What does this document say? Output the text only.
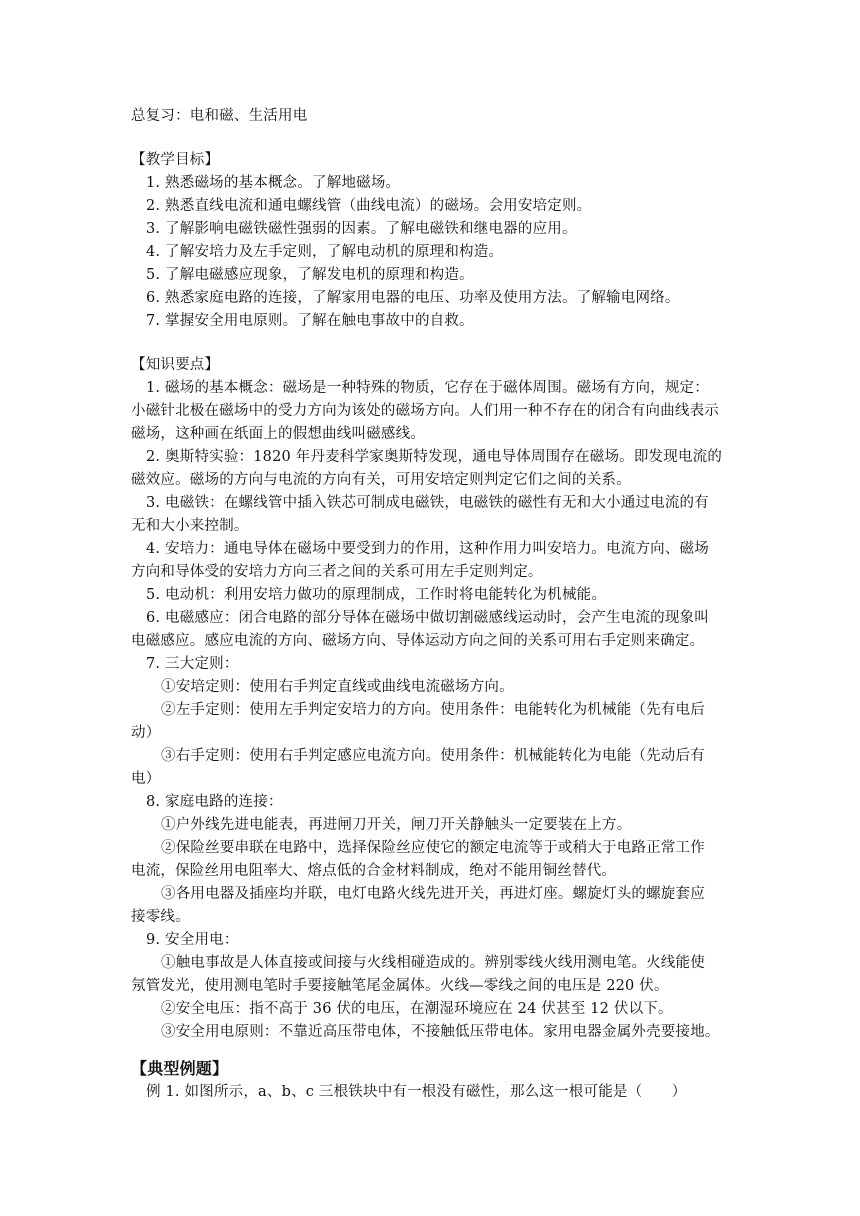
总复习：电和磁、生活用电
【教学目标】
1. 熟悉磁场的基本概念。了解地磁场。
2. 熟悉直线电流和通电螺线管（曲线电流）的磁场。会用安培定则。
3. 了解影响电磁铁磁性强弱的因素。了解电磁铁和继电器的应用。
4. 了解安培力及左手定则，了解电动机的原理和构造。
5. 了解电磁感应现象，了解发电机的原理和构造。
6. 熟悉家庭电路的连接，了解家用电器的电压、功率及使用方法。了解输电网络。
7. 掌握安全用电原则。了解在触电事故中的自救。
【知识要点】
1. 磁场的基本概念：磁场是一种特殊的物质，它存在于磁体周围。磁场有方向，规定：
小磁针北极在磁场中的受力方向为该处的磁场方向。人们用一种不存在的闭合有向曲线表示
磁场，这种画在纸面上的假想曲线叫磁感线。
2. 奥斯特实验：1820 年丹麦科学家奥斯特发现，通电导体周围存在磁场。即发现电流的
磁效应。磁场的方向与电流的方向有关，可用安培定则判定它们之间的关系。
3. 电磁铁：在螺线管中插入铁芯可制成电磁铁，电磁铁的磁性有无和大小通过电流的有
无和大小来控制。
4. 安培力：通电导体在磁场中要受到力的作用，这种作用力叫安培力。电流方向、磁场
方向和导体受的安培力方向三者之间的关系可用左手定则判定。
5. 电动机：利用安培力做功的原理制成，工作时将电能转化为机械能。
6. 电磁感应：闭合电路的部分导体在磁场中做切割磁感线运动时，会产生电流的现象叫
电磁感应。感应电流的方向、磁场方向、导体运动方向之间的关系可用右手定则来确定。
7. 三大定则：
①安培定则：使用右手判定直线或曲线电流磁场方向。
②左手定则：使用左手判定安培力的方向。使用条件：电能转化为机械能（先有电后
动）
③右手定则：使用右手判定感应电流方向。使用条件：机械能转化为电能（先动后有
电）
8. 家庭电路的连接：
①户外线先进电能表，再进闸刀开关，闸刀开关静触头一定要装在上方。
②保险丝要串联在电路中，选择保险丝应使它的额定电流等于或稍大于电路正常工作
电流，保险丝用电阻率大、熔点低的合金材料制成，绝对不能用铜丝替代。
③各用电器及插座均并联，电灯电路火线先进开关，再进灯座。螺旋灯头的螺旋套应
接零线。
9. 安全用电：
①触电事故是人体直接或间接与火线相碰造成的。辨别零线火线用测电笔。火线能使
氖管发光，使用测电笔时手要接触笔尾金属体。火线—零线之间的电压是 220 伏。
②安全电压：指不高于 36 伏的电压，在潮湿环境应在 24 伏甚至 12 伏以下。
③安全用电原则：不靠近高压带电体，不接触低压带电体。家用电器金属外壳要接地。
【典型例题】
例 1. 如图所示，a、b、c 三根铁块中有一根没有磁性，那么这一根可能是（　　）
